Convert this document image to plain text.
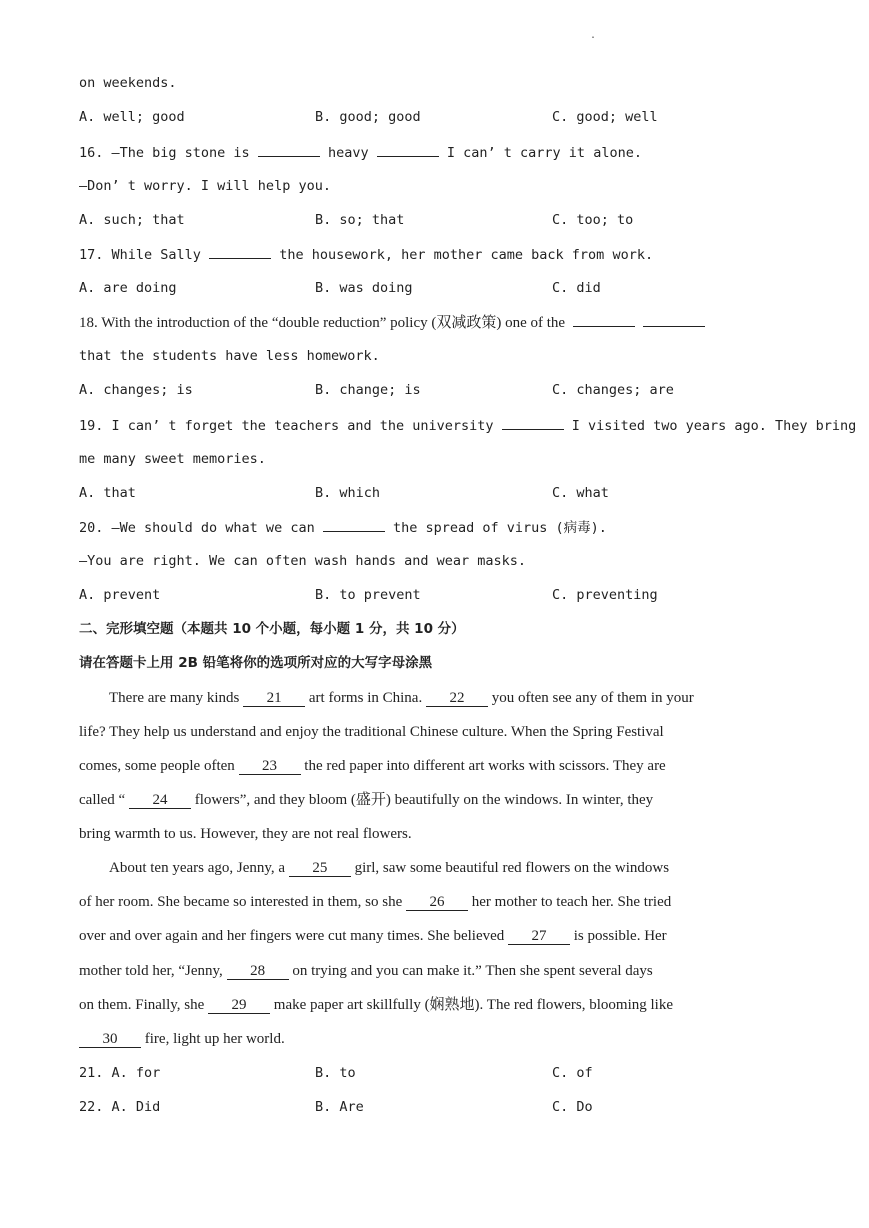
.
on weekends.
A. well; good	B. good; good	C. good; well
16. —The big stone is	heavy	I can’ t carry it alone.
—Don’ t worry. I will help you.
A. such; that	B. so; that	C. too; to
17. While Sally	the housework, her mother came back from work.
A. are doing	B. was doing	C. did
18. With the introduction of the “double reduction” policy (双减政策) one of the
that the students have less homework.
A. changes; is	B. change; is	C. changes; are
19. I can’ t forget the teachers and the university	I visited two years ago. They bring
me many sweet memories.
A. that	B. which	C. what
20. —We should do what we can	the spread of virus (病毒).
—You are right. We can often wash hands and wear masks.
A. prevent	B. to prevent	C. preventing
二、完形填空题（本题共 10 个小题，每小题 1 分，共 10 分）
请在答题卡上用 2B 铅笔将你的选项所对应的大写字母涂黑
There are many kinds 21 art forms in China. 22 you often see any of them in your
life? They help us understand and enjoy the traditional Chinese culture. When the Spring Festival
comes, some people often 23 the red paper into different art works with scissors. They are
called “ 24 flowers”, and they bloom (盛开) beautifully on the windows. In winter, they
bring warmth to us. However, they are not real flowers.
About ten years ago, Jenny, a 25 girl, saw some beautiful red flowers on the windows
of her room. She became so interested in them, so she 26 her mother to teach her. She tried
over and over again and her fingers were cut many times. She believed 27 is possible. Her
mother told her, “Jenny, 28 on trying and you can make it.” Then she spent several days
on them. Finally, she 29 make paper art skillfully (娴熟地). The red flowers, blooming like
30 fire, light up her world.
21. A. for	B. to	C. of
22. A. Did	B. Are	C. Do
